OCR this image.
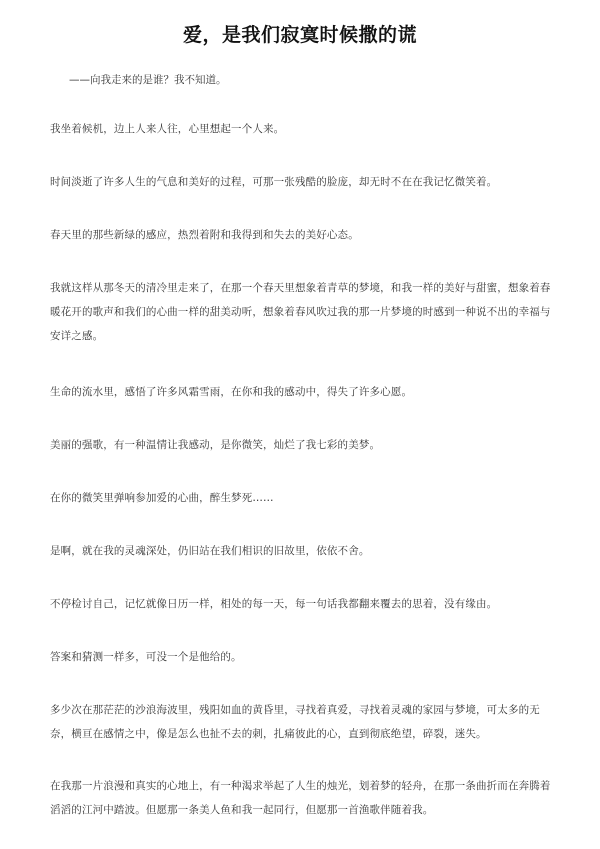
爱，是我们寂寞时候撒的谎

——向我走来的是谁？我不知道。

我坐着候机，边上人来人往，心里想起一个人来。

时间淡逝了许多人生的气息和美好的过程，可那一张残酷的脸庞，却无时不在在我记忆微笑着。

春天里的那些新绿的感应，热烈着附和我得到和失去的美好心态。

我就这样从那冬天的清冷里走来了，在那一个春天里想象着青草的梦境，和我一样的美好与甜蜜，想象着春
暖花开的歌声和我们的心曲一样的甜美动听，想象着春风吹过我的那一片梦境的时感到一种说不出的幸福与
安详之感。

生命的流水里，感悟了许多风霜雪雨，在你和我的感动中，得失了许多心愿。

美丽的强歌，有一种温情让我感动，是你微笑，灿烂了我七彩的美梦。

在你的微笑里弹响参加爱的心曲，醉生梦死……

是啊，就在我的灵魂深处，仍旧站在我们相识的旧故里，依依不舍。

不停检讨自己，记忆就像日历一样，相处的每一天，每一句话我都翻来覆去的思着，没有缘由。

答案和猜测一样多，可没一个是他给的。

多少次在那茫茫的沙浪海波里，残阳如血的黄昏里，寻找着真爱，寻找着灵魂的家园与梦境，可太多的无
奈，横亘在感情之中，像是怎么也扯不去的刺，扎痛彼此的心，直到彻底绝望，碎裂，迷失。

在我那一片浪漫和真实的心地上，有一种渴求举起了人生的烛光，划着梦的轻舟，在那一条曲折而在奔腾着
滔滔的江河中踏波。但愿那一条美人鱼和我一起同行，但愿那一首渔歌伴随着我。
